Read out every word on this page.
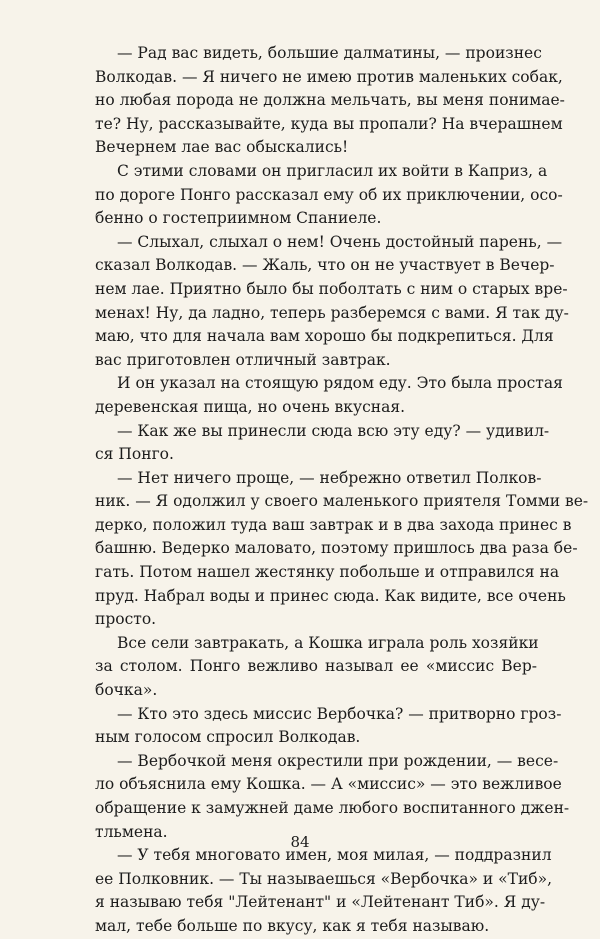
— Рад вас видеть, большие далматины, — произнес
Волкодав. — Я ничего не имею против маленьких собак,
но любая порода не должна мельчать, вы меня понимае-
те? Ну, рассказывайте, куда вы пропали? На вчерашнем
Вечернем лае вас обыскались!
С этими словами он пригласил их войти в Каприз, а
по дороге Понго рассказал ему об их приключении, осо-
бенно о гостеприимном Спаниеле.
— Слыхал, слыхал о нем! Очень достойный парень, —
сказал Волкодав. — Жаль, что он не участвует в Вечер-
нем лае. Приятно было бы поболтать с ним о старых вре-
менах! Ну, да ладно, теперь разберемся с вами. Я так ду-
маю, что для начала вам хорошо бы подкрепиться. Для
вас приготовлен отличный завтрак.
И он указал на стоящую рядом еду. Это была простая
деревенская пища, но очень вкусная.
— Как же вы принесли сюда всю эту еду? — удивил-
ся Понго.
— Нет ничего проще, — небрежно ответил Полков-
ник. — Я одолжил у своего маленького приятеля Томми ве-
дерко, положил туда ваш завтрак и в два захода принес в
башню. Ведерко маловато, поэтому пришлось два раза бе-
гать. Потом нашел жестянку побольше и отправился на
пруд. Набрал воды и принес сюда. Как видите, все очень
просто.
Все сели завтракать, а Кошка играла роль хозяйки
за столом. Понго вежливо называл ее «миссис Вер-
бочка».
— Кто это здесь миссис Вербочка? — притворно гроз-
ным голосом спросил Волкодав.
— Вербочкой меня окрестили при рождении, — весе-
ло объяснила ему Кошка. — А «миссис» — это вежливое
обращение к замужней даме любого воспитанного джен-
тльмена.
— У тебя многовато имен, моя милая, — поддразнил
ее Полковник. — Ты называешься «Вербочка» и «Тиб»,
я называю тебя "Лейтенант" и «Лейтенант Тиб». Я ду-
мал, тебе больше по вкусу, как я тебя называю.
84
